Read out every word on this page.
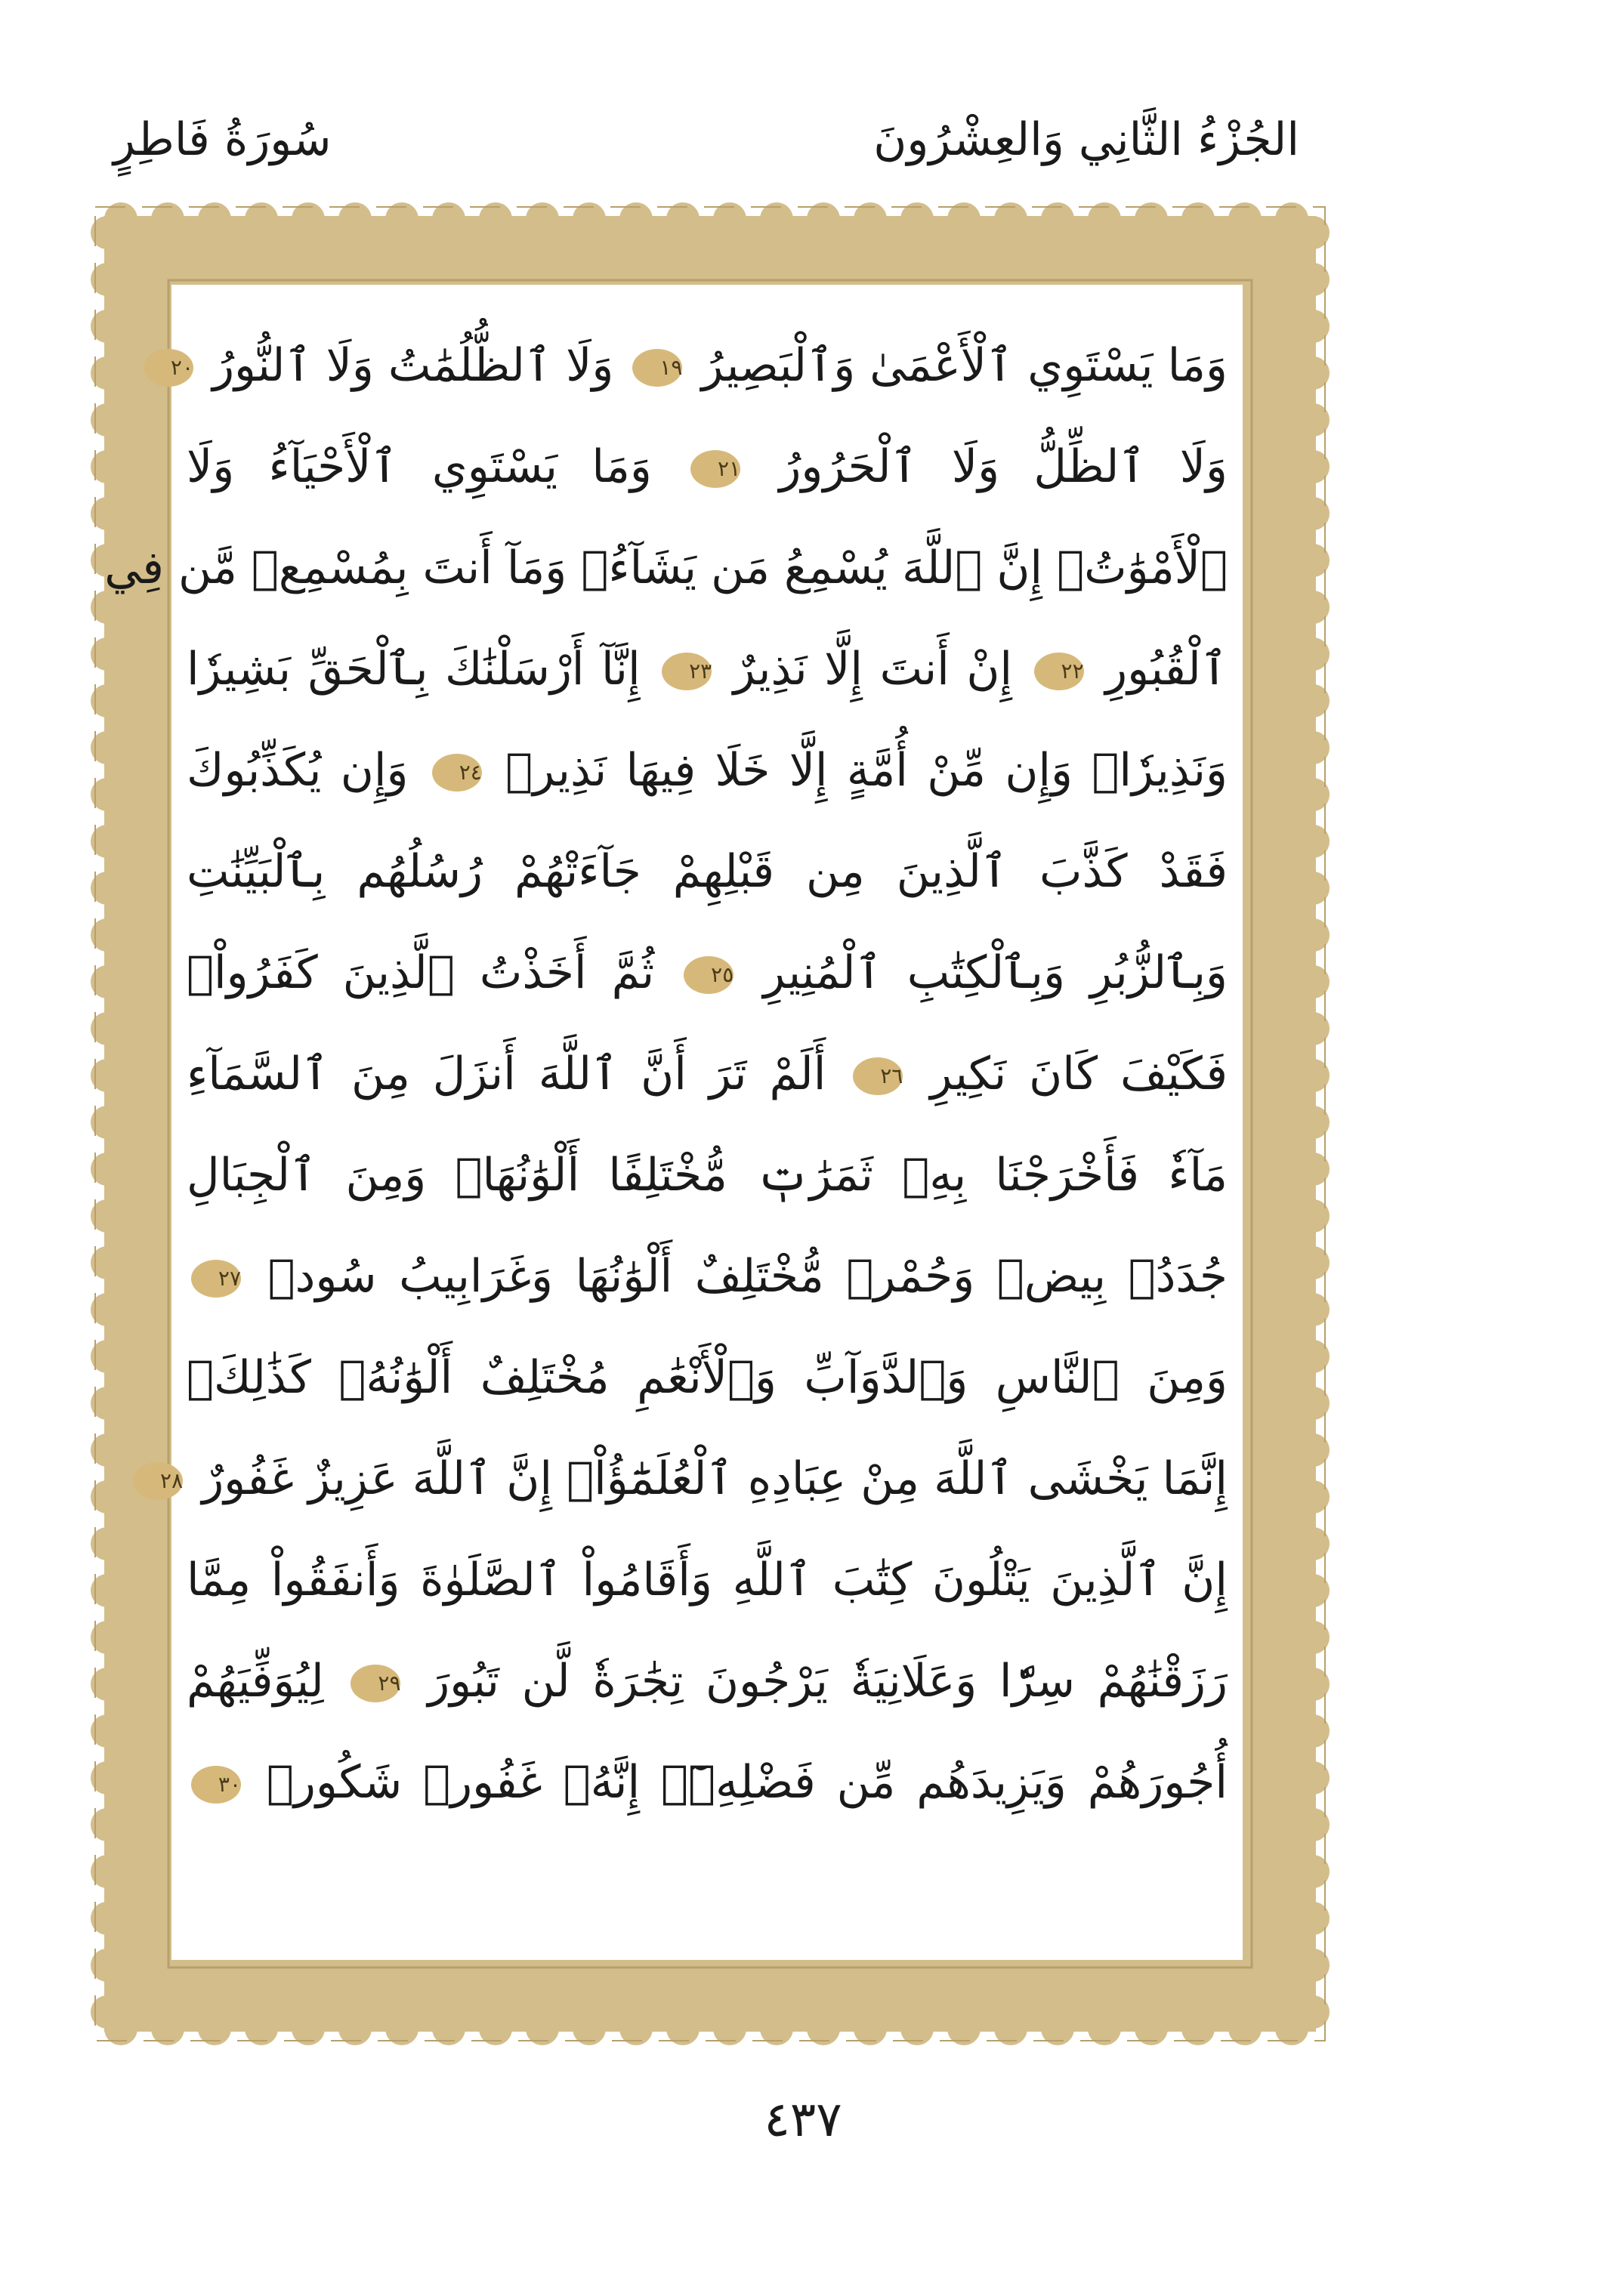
الجُزْءُ الثَّانِي وَالعِشْرُونَ
سُورَةُ فَاطِرٍ
وَمَا يَسْتَوِي ٱلْأَعْمَىٰ وَٱلْبَصِيرُ ١٩ وَلَا ٱلظُّلُمَٰتُ وَلَا ٱلنُّورُ ٢٠
وَلَا ٱلظِّلُّ وَلَا ٱلْحَرُورُ ٢١ وَمَا يَسْتَوِي ٱلْأَحْيَآءُ وَلَا
ٱلْأَمْوَٰتُۚ إِنَّ ٱللَّهَ يُسْمِعُ مَن يَشَآءُۖ وَمَآ أَنتَ بِمُسْمِعٖ مَّن فِي
ٱلْقُبُورِ ٢٢ إِنْ أَنتَ إِلَّا نَذِيرٌ ٢٣ إِنَّآ أَرْسَلْنَٰكَ بِٱلْحَقِّ بَشِيرٗا
وَنَذِيرٗاۚ وَإِن مِّنْ أُمَّةٍ إِلَّا خَلَا فِيهَا نَذِيرٞ ٢٤ وَإِن يُكَذِّبُوكَ
فَقَدْ كَذَّبَ ٱلَّذِينَ مِن قَبْلِهِمْ جَآءَتْهُمْ رُسُلُهُم بِٱلْبَيِّنَٰتِ
وَبِٱلزُّبُرِ وَبِٱلْكِتَٰبِ ٱلْمُنِيرِ ٢٥ ثُمَّ أَخَذْتُ ٱلَّذِينَ كَفَرُواْۖ
فَكَيْفَ كَانَ نَكِيرِ ٢٦ أَلَمْ تَرَ أَنَّ ٱللَّهَ أَنزَلَ مِنَ ٱلسَّمَآءِ
مَآءٗ فَأَخْرَجْنَا بِهِۦ ثَمَرَٰتٖ مُّخْتَلِفًا أَلْوَٰنُهَاۚ وَمِنَ ٱلْجِبَالِ
جُدَدُۢ بِيضٞ وَحُمْرٞ مُّخْتَلِفٌ أَلْوَٰنُهَا وَغَرَابِيبُ سُودٞ ٢٧
وَمِنَ ٱلنَّاسِ وَٱلدَّوَآبِّ وَٱلْأَنْعَٰمِ مُخْتَلِفٌ أَلْوَٰنُهُۥ كَذَٰلِكَۗ
إِنَّمَا يَخْشَى ٱللَّهَ مِنْ عِبَادِهِ ٱلْعُلَمَٰٓؤُاْۗ إِنَّ ٱللَّهَ عَزِيزٌ غَفُورٌ ٢٨
إِنَّ ٱلَّذِينَ يَتْلُونَ كِتَٰبَ ٱللَّهِ وَأَقَامُواْ ٱلصَّلَوٰةَ وَأَنفَقُواْ مِمَّا
رَزَقْنَٰهُمْ سِرّٗا وَعَلَانِيَةٗ يَرْجُونَ تِجَٰرَةٗ لَّن تَبُورَ ٢٩ لِيُوَفِّيَهُمْ
أُجُورَهُمْ وَيَزِيدَهُم مِّن فَضْلِهِۦٓۚ إِنَّهُۥ غَفُورٞ شَكُورٞ ٣٠
٤٣٧
